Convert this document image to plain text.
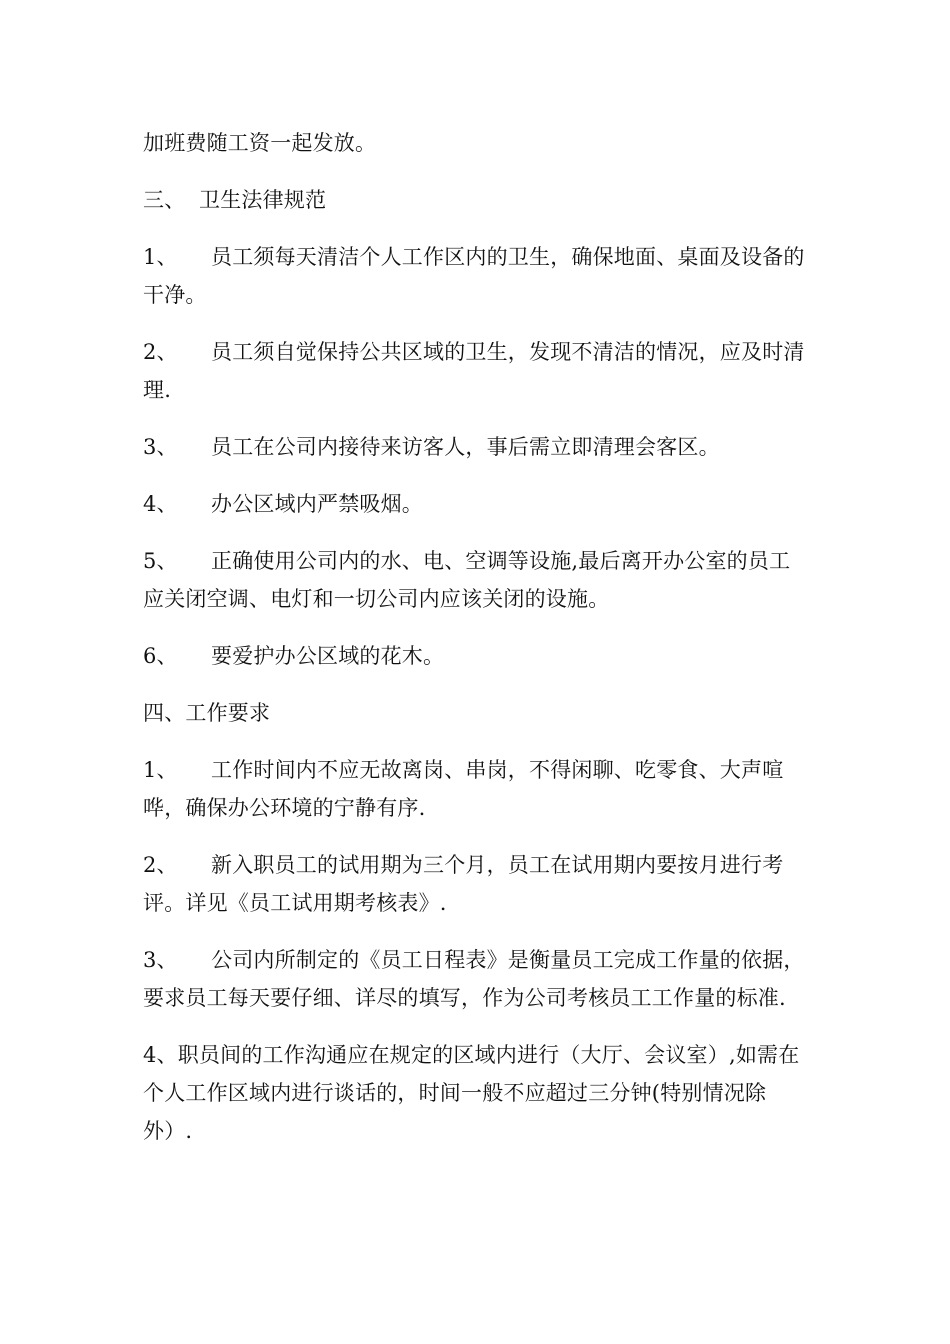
加班费随工资一起发放。

三、 卫生法律规范

1、 员工须每天清洁个人工作区内的卫生，确保地面、桌面及设备的干净。

2、 员工须自觉保持公共区域的卫生，发现不清洁的情况，应及时清理.

3、 员工在公司内接待来访客人，事后需立即清理会客区。

4、 办公区域内严禁吸烟。

5、 正确使用公司内的水、电、空调等设施,最后离开办公室的员工应关闭空调、电灯和一切公司内应该关闭的设施。

6、 要爱护办公区域的花木。

四、工作要求

1、 工作时间内不应无故离岗、串岗，不得闲聊、吃零食、大声喧哗，确保办公环境的宁静有序.

2、 新入职员工的试用期为三个月，员工在试用期内要按月进行考评。详见《员工试用期考核表》.

3、 公司内所制定的《员工日程表》是衡量员工完成工作量的依据，要求员工每天要仔细、详尽的填写，作为公司考核员工工作量的标准.

4、职员间的工作沟通应在规定的区域内进行（大厅、会议室）,如需在个人工作区域内进行谈话的，时间一般不应超过三分钟(特别情况除外）.
